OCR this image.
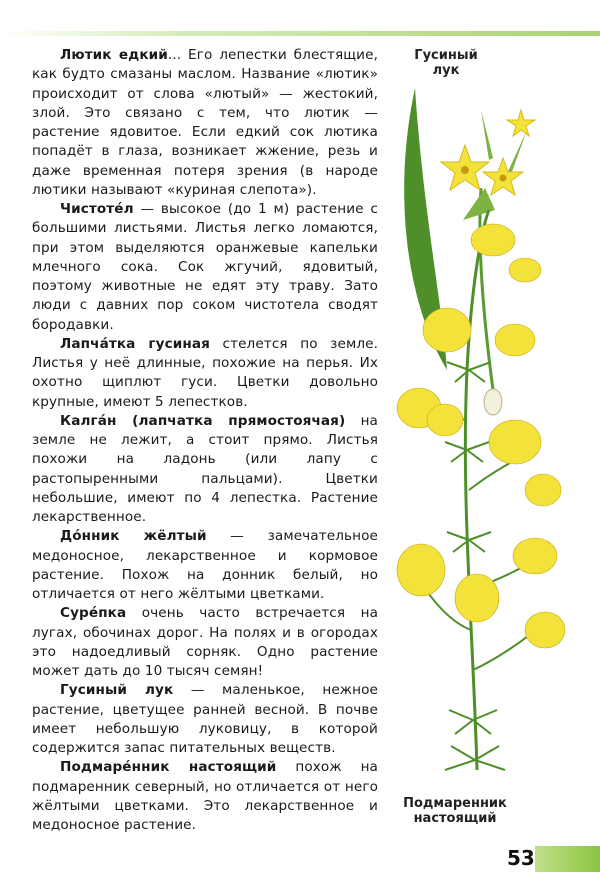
Лютик едкий... Его лепестки блестящие, как будто смазаны маслом. Название «лютик» происходит от слова «лютый» — жестокий, злой. Это связано с тем, что лютик — растение ядовитое. Если едкий сок лютика попадёт в глаза, возникает жжение, резь и даже временная потеря зрения (в народе лютики называют «куриная слепота»).

Чистоте́л — высокое (до 1 м) растение с большими листьями. Листья легко ломаются, при этом выделяются оранжевые капельки млечного сока. Сок жгучий, ядовитый, поэтому животные не едят эту траву. Зато люди с давних пор соком чистотела сводят бородавки.

Лапча́тка гусиная стелется по земле. Листья у неё длинные, похожие на перья. Их охотно щиплют гуси. Цветки довольно крупные, имеют 5 лепестков.

Калга́н (лапчатка прямостоячая) на земле не лежит, а стоит прямо. Листья похожи на ладонь (или лапу с растопыренными пальцами). Цветки небольшие, имеют по 4 лепестка. Растение лекарственное.

До́нник жёлтый — замечательное медоносное, лекарственное и кормовое растение. Похож на донник белый, но отличается от него жёлтыми цветками.

Суре́пка очень часто встречается на лугах, обочинах дорог. На полях и в огородах это надоедливый сорняк. Одно растение может дать до 10 тысяч семян!

Гусиный лук — маленькое, нежное растение, цветущее ранней весной. В почве имеет небольшую луковицу, в которой содержится запас питательных веществ.

Подмаре́нник настоящий похож на подмаренник северный, но отличается от него жёлтыми цветками. Это лекарственное и медоносное растение.

Гусиный лук
Подмаренник настоящий
53
